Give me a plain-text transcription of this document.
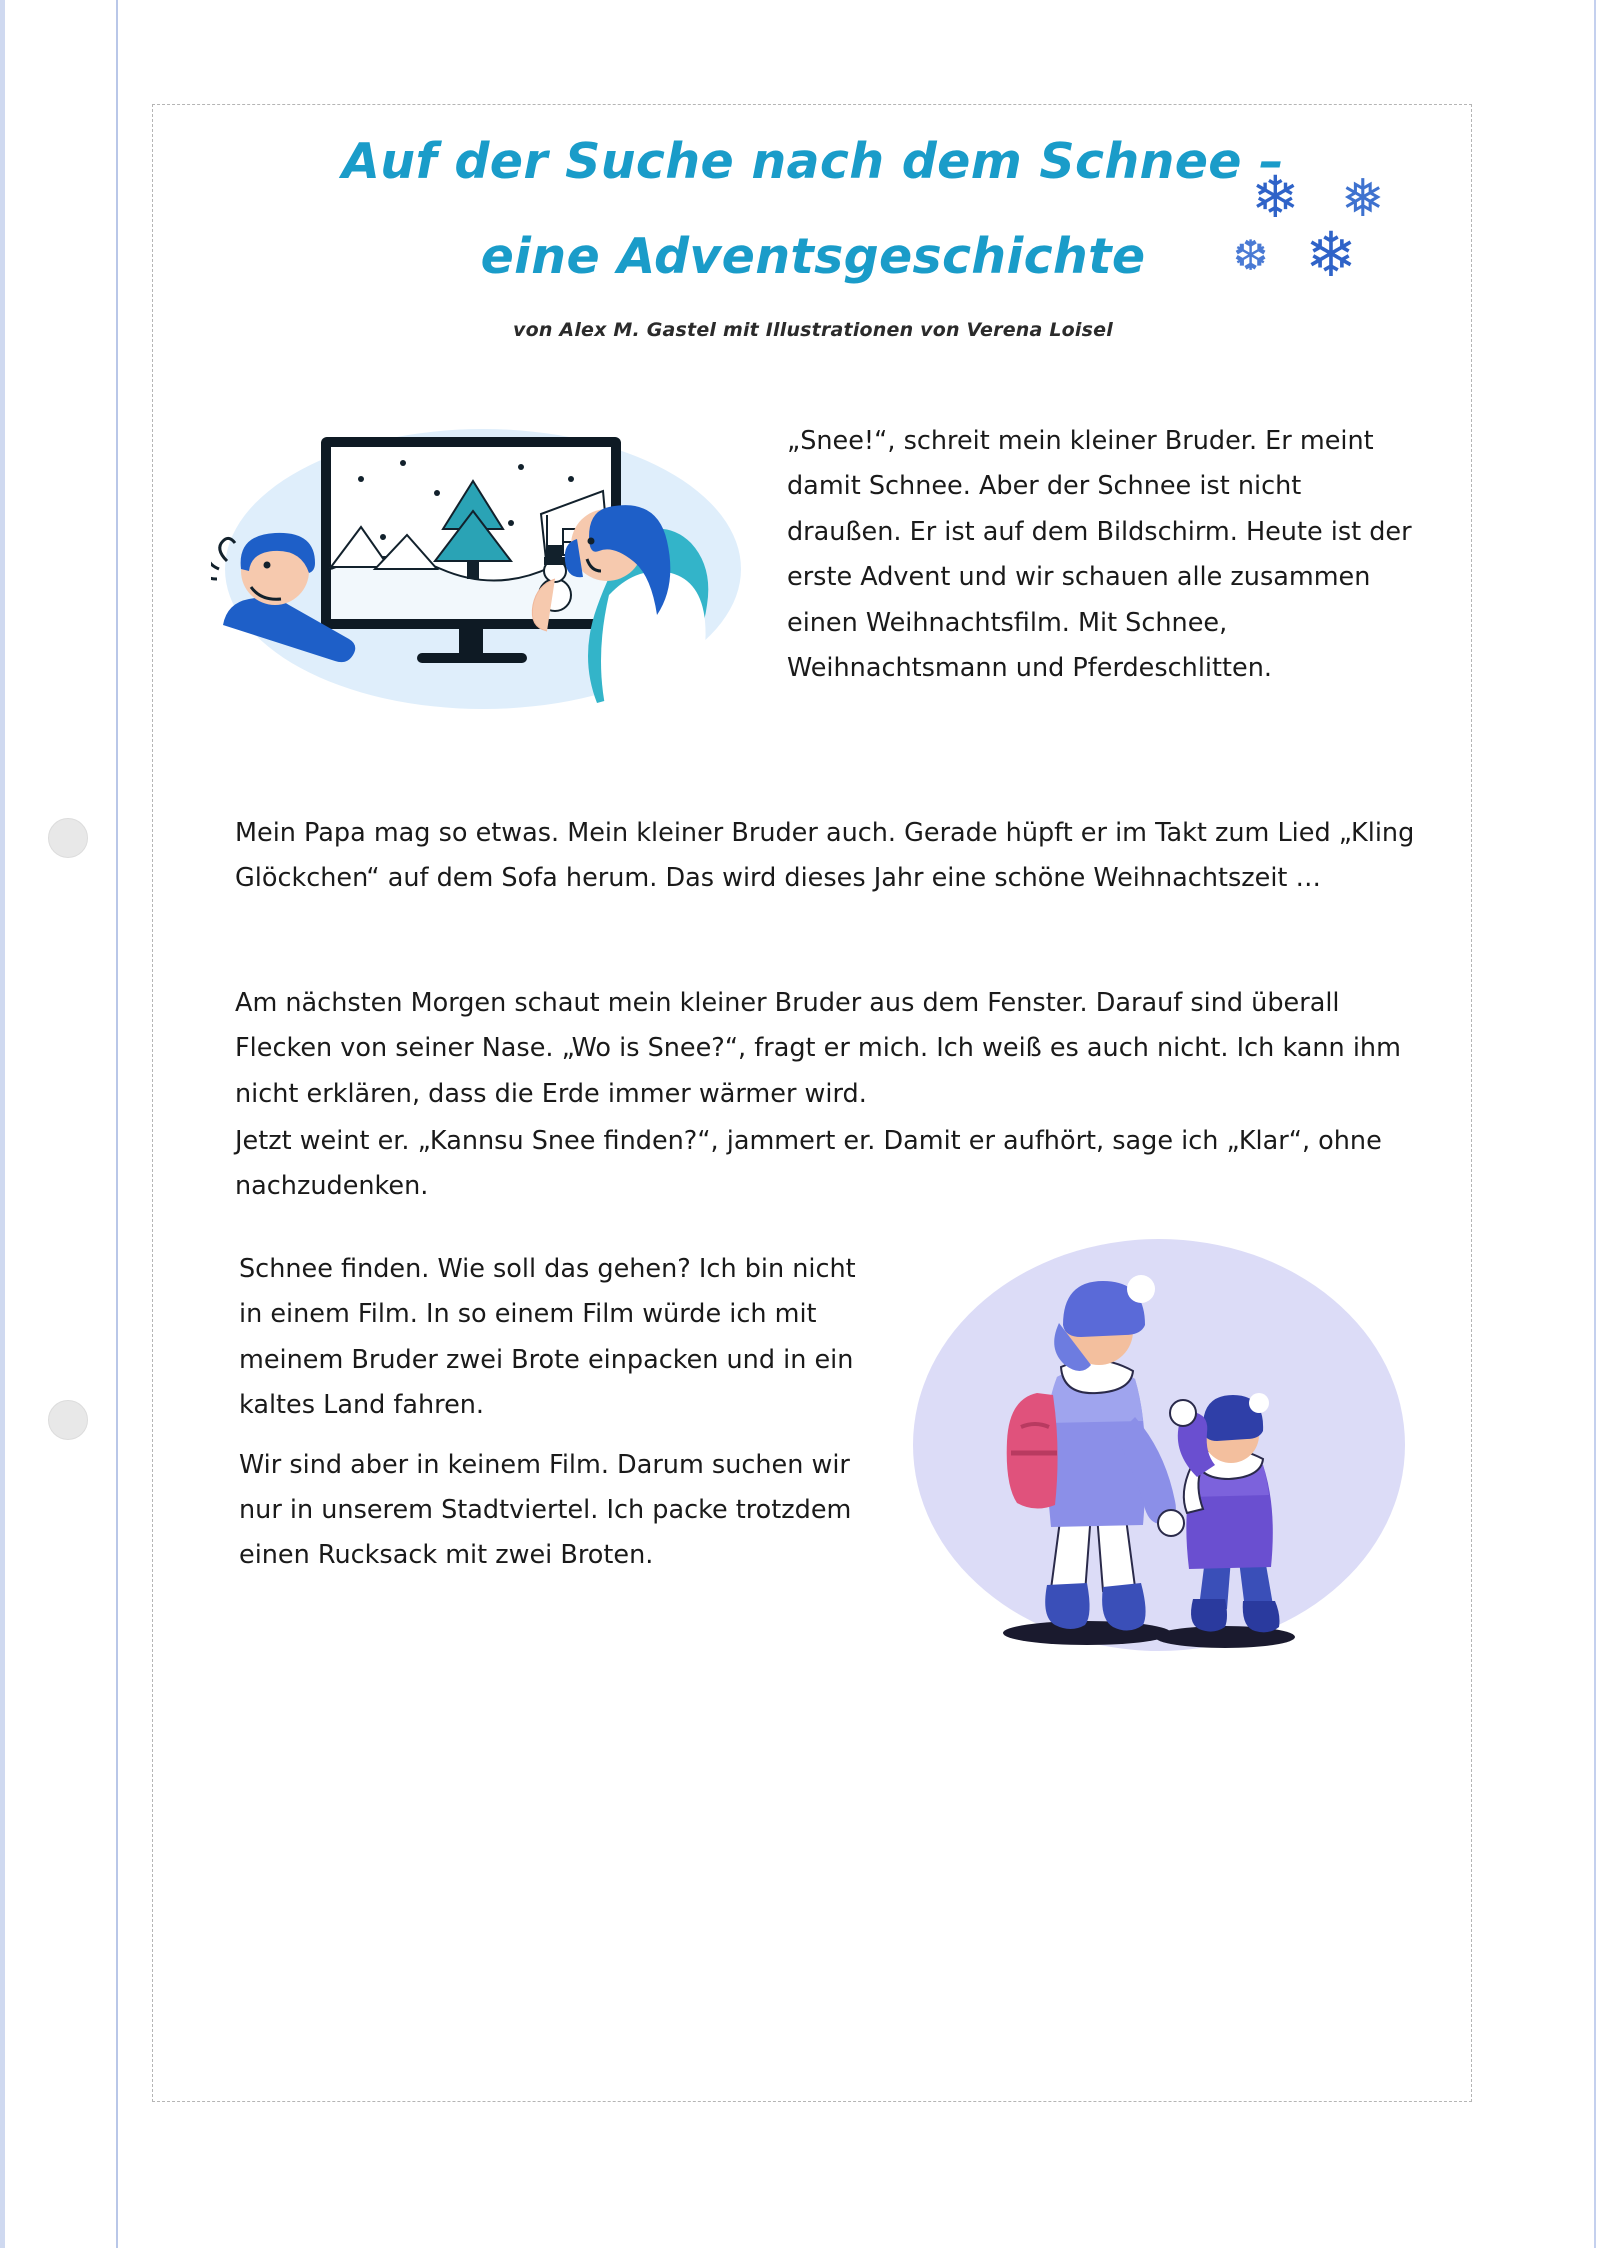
Auf der Suche nach dem Schnee –
eine Adventsgeschichte
von Alex M. Gastel mit Illustrationen von Verena Loisel
❄ ❅
❆ ❄

„Snee!“, schreit mein kleiner Bruder. Er meint damit Schnee. Aber der Schnee ist nicht draußen. Er ist auf dem Bildschirm. Heute ist der erste Advent und wir schauen alle zusammen einen Weihnachtsfilm. Mit Schnee, Weihnachtsmann und Pferdeschlitten.

Mein Papa mag so etwas. Mein kleiner Bruder auch. Gerade hüpft er im Takt zum Lied „Kling Glöckchen“ auf dem Sofa herum. Das wird dieses Jahr eine schöne Weihnachtszeit …

Am nächsten Morgen schaut mein kleiner Bruder aus dem Fenster. Darauf sind überall Flecken von seiner Nase. „Wo is Snee?“, fragt er mich. Ich weiß es auch nicht. Ich kann ihm nicht erklären, dass die Erde immer wärmer wird.

Jetzt weint er. „Kannsu Snee finden?“, jammert er. Damit er aufhört, sage ich „Klar“, ohne nachzudenken.

Schnee finden. Wie soll das gehen? Ich bin nicht in einem Film. In so einem Film würde ich mit meinem Bruder zwei Brote einpacken und in ein kaltes Land fahren.

Wir sind aber in keinem Film. Darum suchen wir nur in unserem Stadtviertel. Ich packe trotzdem einen Rucksack mit zwei Broten.
